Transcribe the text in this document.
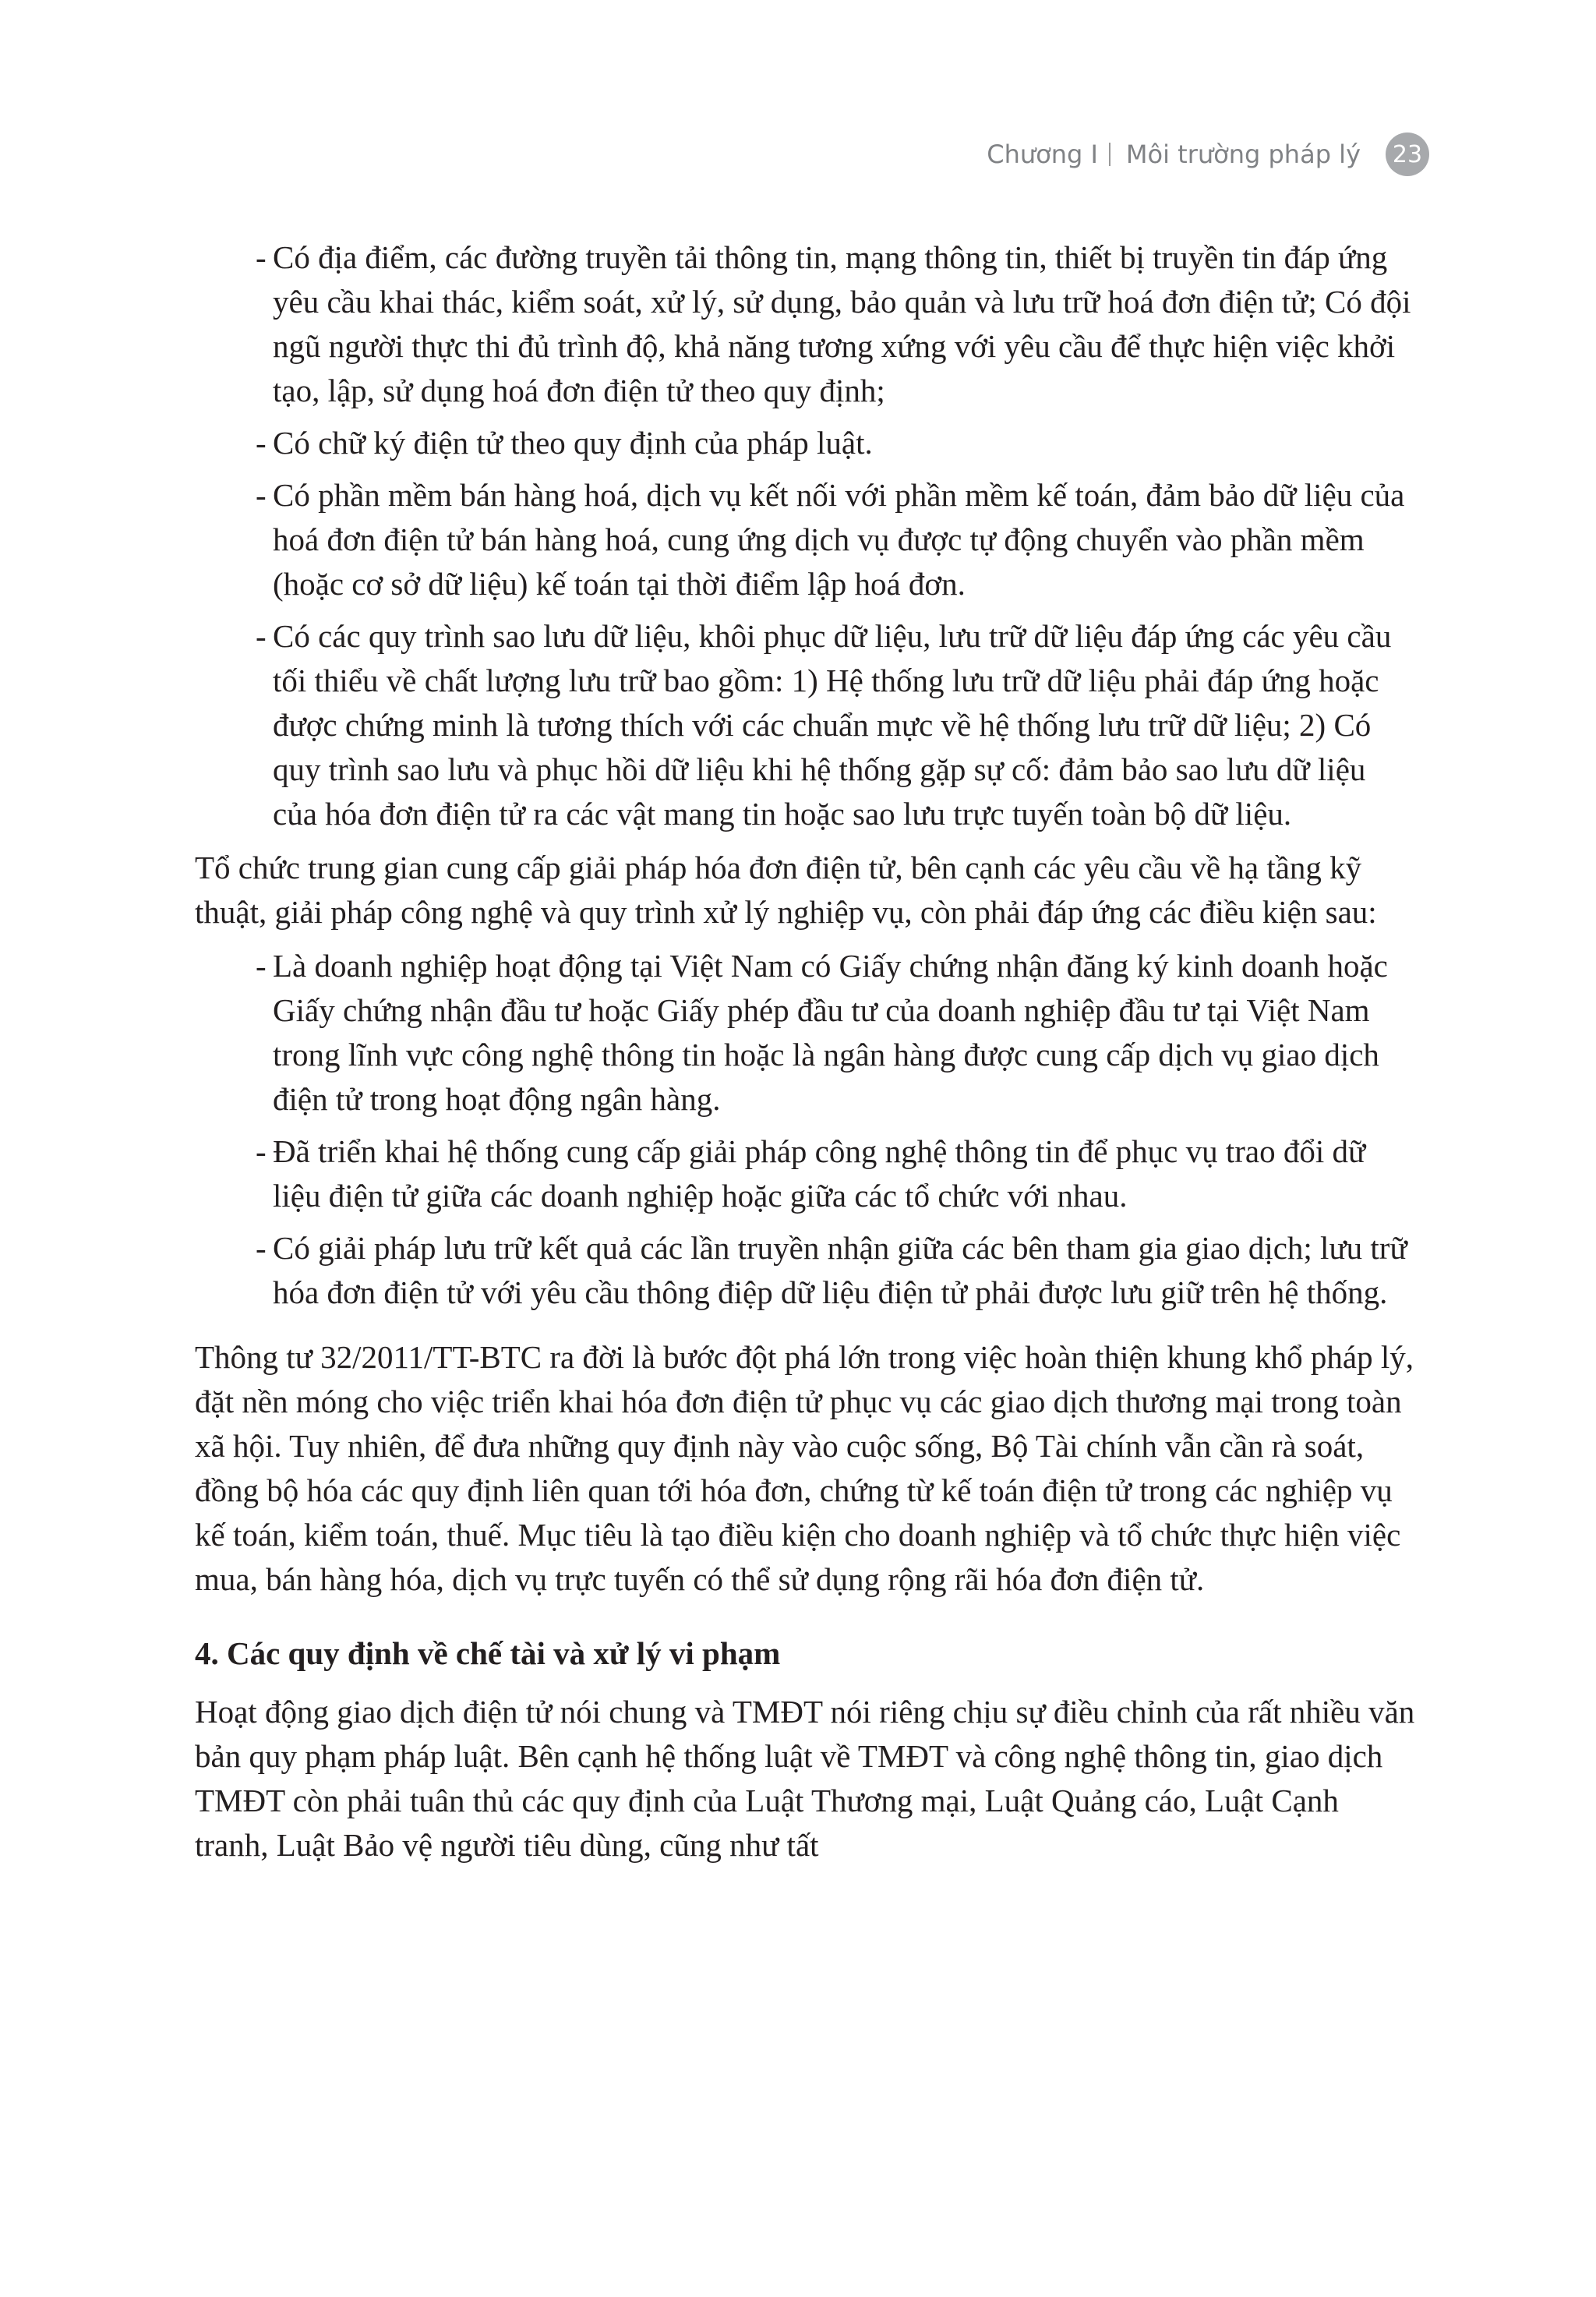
Chương I Môi trường pháp lý 23
- Có địa điểm, các đường truyền tải thông tin, mạng thông tin, thiết bị truyền tin đáp ứng yêu cầu khai thác, kiểm soát, xử lý, sử dụng, bảo quản và lưu trữ hoá đơn điện tử; Có đội ngũ người thực thi đủ trình độ, khả năng tương xứng với yêu cầu để thực hiện việc khởi tạo, lập, sử dụng hoá đơn điện tử theo quy định;
- Có chữ ký điện tử theo quy định của pháp luật.
- Có phần mềm bán hàng hoá, dịch vụ kết nối với phần mềm kế toán, đảm bảo dữ liệu của hoá đơn điện tử bán hàng hoá, cung ứng dịch vụ được tự động chuyển vào phần mềm (hoặc cơ sở dữ liệu) kế toán tại thời điểm lập hoá đơn.
- Có các quy trình sao lưu dữ liệu, khôi phục dữ liệu, lưu trữ dữ liệu đáp ứng các yêu cầu tối thiểu về chất lượng lưu trữ bao gồm: 1) Hệ thống lưu trữ dữ liệu phải đáp ứng hoặc được chứng minh là tương thích với các chuẩn mực về hệ thống lưu trữ dữ liệu; 2) Có quy trình sao lưu và phục hồi dữ liệu khi hệ thống gặp sự cố: đảm bảo sao lưu dữ liệu của hóa đơn điện tử ra các vật mang tin hoặc sao lưu trực tuyến toàn bộ dữ liệu.

Tổ chức trung gian cung cấp giải pháp hóa đơn điện tử, bên cạnh các yêu cầu về hạ tầng kỹ thuật, giải pháp công nghệ và quy trình xử lý nghiệp vụ, còn phải đáp ứng các điều kiện sau:

- Là doanh nghiệp hoạt động tại Việt Nam có Giấy chứng nhận đăng ký kinh doanh hoặc Giấy chứng nhận đầu tư hoặc Giấy phép đầu tư của doanh nghiệp đầu tư tại Việt Nam trong lĩnh vực công nghệ thông tin hoặc là ngân hàng được cung cấp dịch vụ giao dịch điện tử trong hoạt động ngân hàng.
- Đã triển khai hệ thống cung cấp giải pháp công nghệ thông tin để phục vụ trao đổi dữ liệu điện tử giữa các doanh nghiệp hoặc giữa các tổ chức với nhau.
- Có giải pháp lưu trữ kết quả các lần truyền nhận giữa các bên tham gia giao dịch; lưu trữ hóa đơn điện tử với yêu cầu thông điệp dữ liệu điện tử phải được lưu giữ trên hệ thống.

Thông tư 32/2011/TT-BTC ra đời là bước đột phá lớn trong việc hoàn thiện khung khổ pháp lý, đặt nền móng cho việc triển khai hóa đơn điện tử phục vụ các giao dịch thương mại trong toàn xã hội. Tuy nhiên, để đưa những quy định này vào cuộc sống, Bộ Tài chính vẫn cần rà soát, đồng bộ hóa các quy định liên quan tới hóa đơn, chứng từ kế toán điện tử trong các nghiệp vụ kế toán, kiểm toán, thuế. Mục tiêu là tạo điều kiện cho doanh nghiệp và tổ chức thực hiện việc mua, bán hàng hóa, dịch vụ trực tuyến có thể sử dụng rộng rãi hóa đơn điện tử.

4. Các quy định về chế tài và xử lý vi phạm

Hoạt động giao dịch điện tử nói chung và TMĐT nói riêng chịu sự điều chỉnh của rất nhiều văn bản quy phạm pháp luật. Bên cạnh hệ thống luật về TMĐT và công nghệ thông tin, giao dịch TMĐT còn phải tuân thủ các quy định của Luật Thương mại, Luật Quảng cáo, Luật Cạnh tranh, Luật Bảo vệ người tiêu dùng, cũng như tất
